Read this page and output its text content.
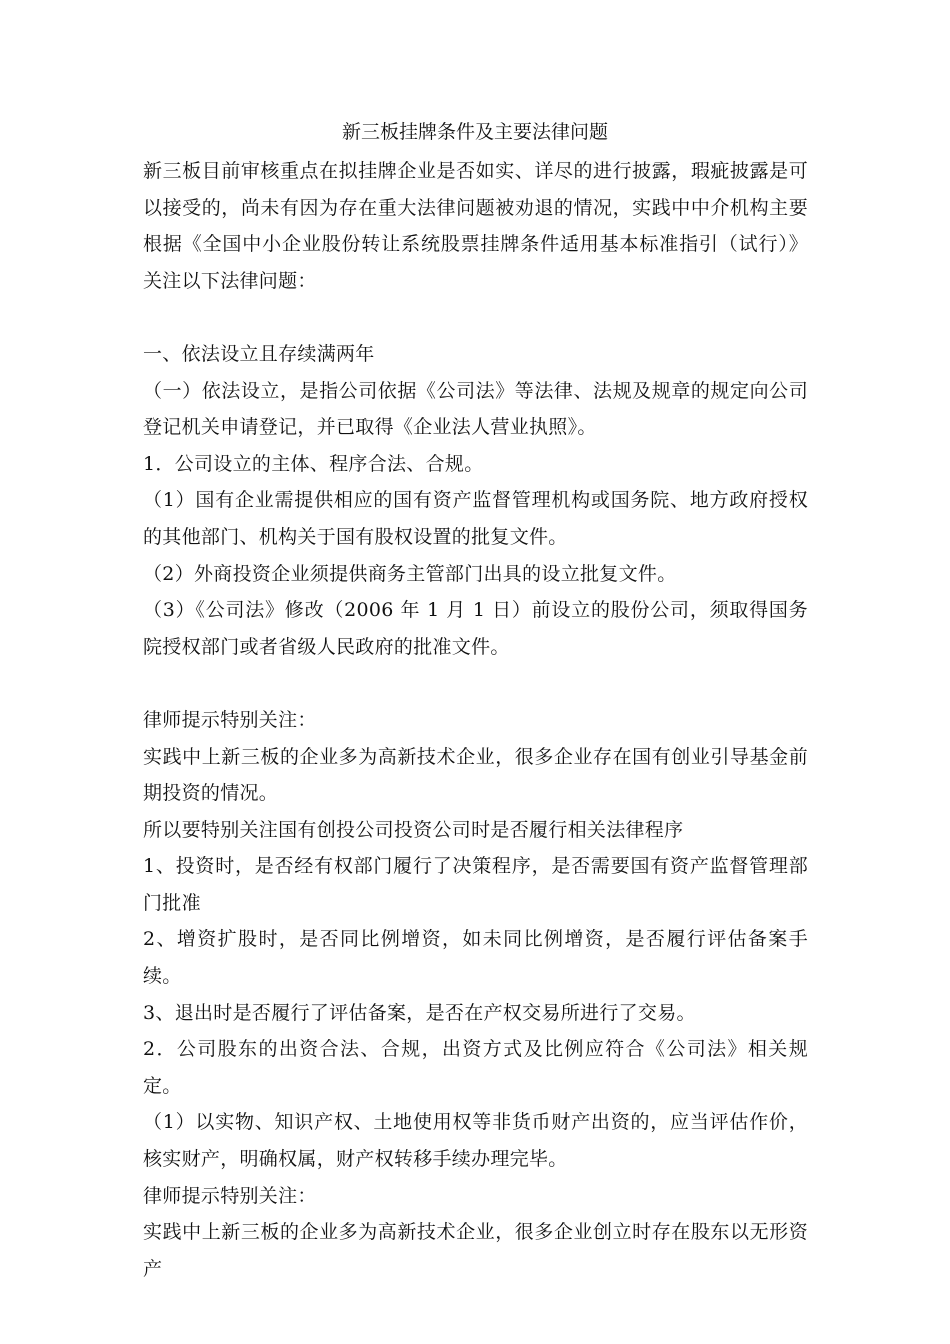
新三板挂牌条件及主要法律问题

新三板目前审核重点在拟挂牌企业是否如实、详尽的进行披露，瑕疵披露是可以接受的，尚未有因为存在重大法律问题被劝退的情况，实践中中介机构主要根据《全国中小企业股份转让系统股票挂牌条件适用基本标准指引（试行）》关注以下法律问题：

一、依法设立且存续满两年

（一）依法设立，是指公司依据《公司法》等法律、法规及规章的规定向公司登记机关申请登记，并已取得《企业法人营业执照》。

1．公司设立的主体、程序合法、合规。

（1）国有企业需提供相应的国有资产监督管理机构或国务院、地方政府授权的其他部门、机构关于国有股权设置的批复文件。

（2）外商投资企业须提供商务主管部门出具的设立批复文件。

（3）《公司法》修改（2006 年 1 月 1 日）前设立的股份公司，须取得国务院授权部门或者省级人民政府的批准文件。

律师提示特别关注：

实践中上新三板的企业多为高新技术企业，很多企业存在国有创业引导基金前期投资的情况。

所以要特别关注国有创投公司投资公司时是否履行相关法律程序

1、投资时，是否经有权部门履行了决策程序，是否需要国有资产监督管理部门批准

2、增资扩股时，是否同比例增资，如未同比例增资，是否履行评估备案手续。

3、退出时是否履行了评估备案，是否在产权交易所进行了交易。

2．公司股东的出资合法、合规，出资方式及比例应符合《公司法》相关规定。

（1）以实物、知识产权、土地使用权等非货币财产出资的，应当评估作价，核实财产，明确权属，财产权转移手续办理完毕。

律师提示特别关注：

实践中上新三板的企业多为高新技术企业，很多企业创立时存在股东以无形资产
